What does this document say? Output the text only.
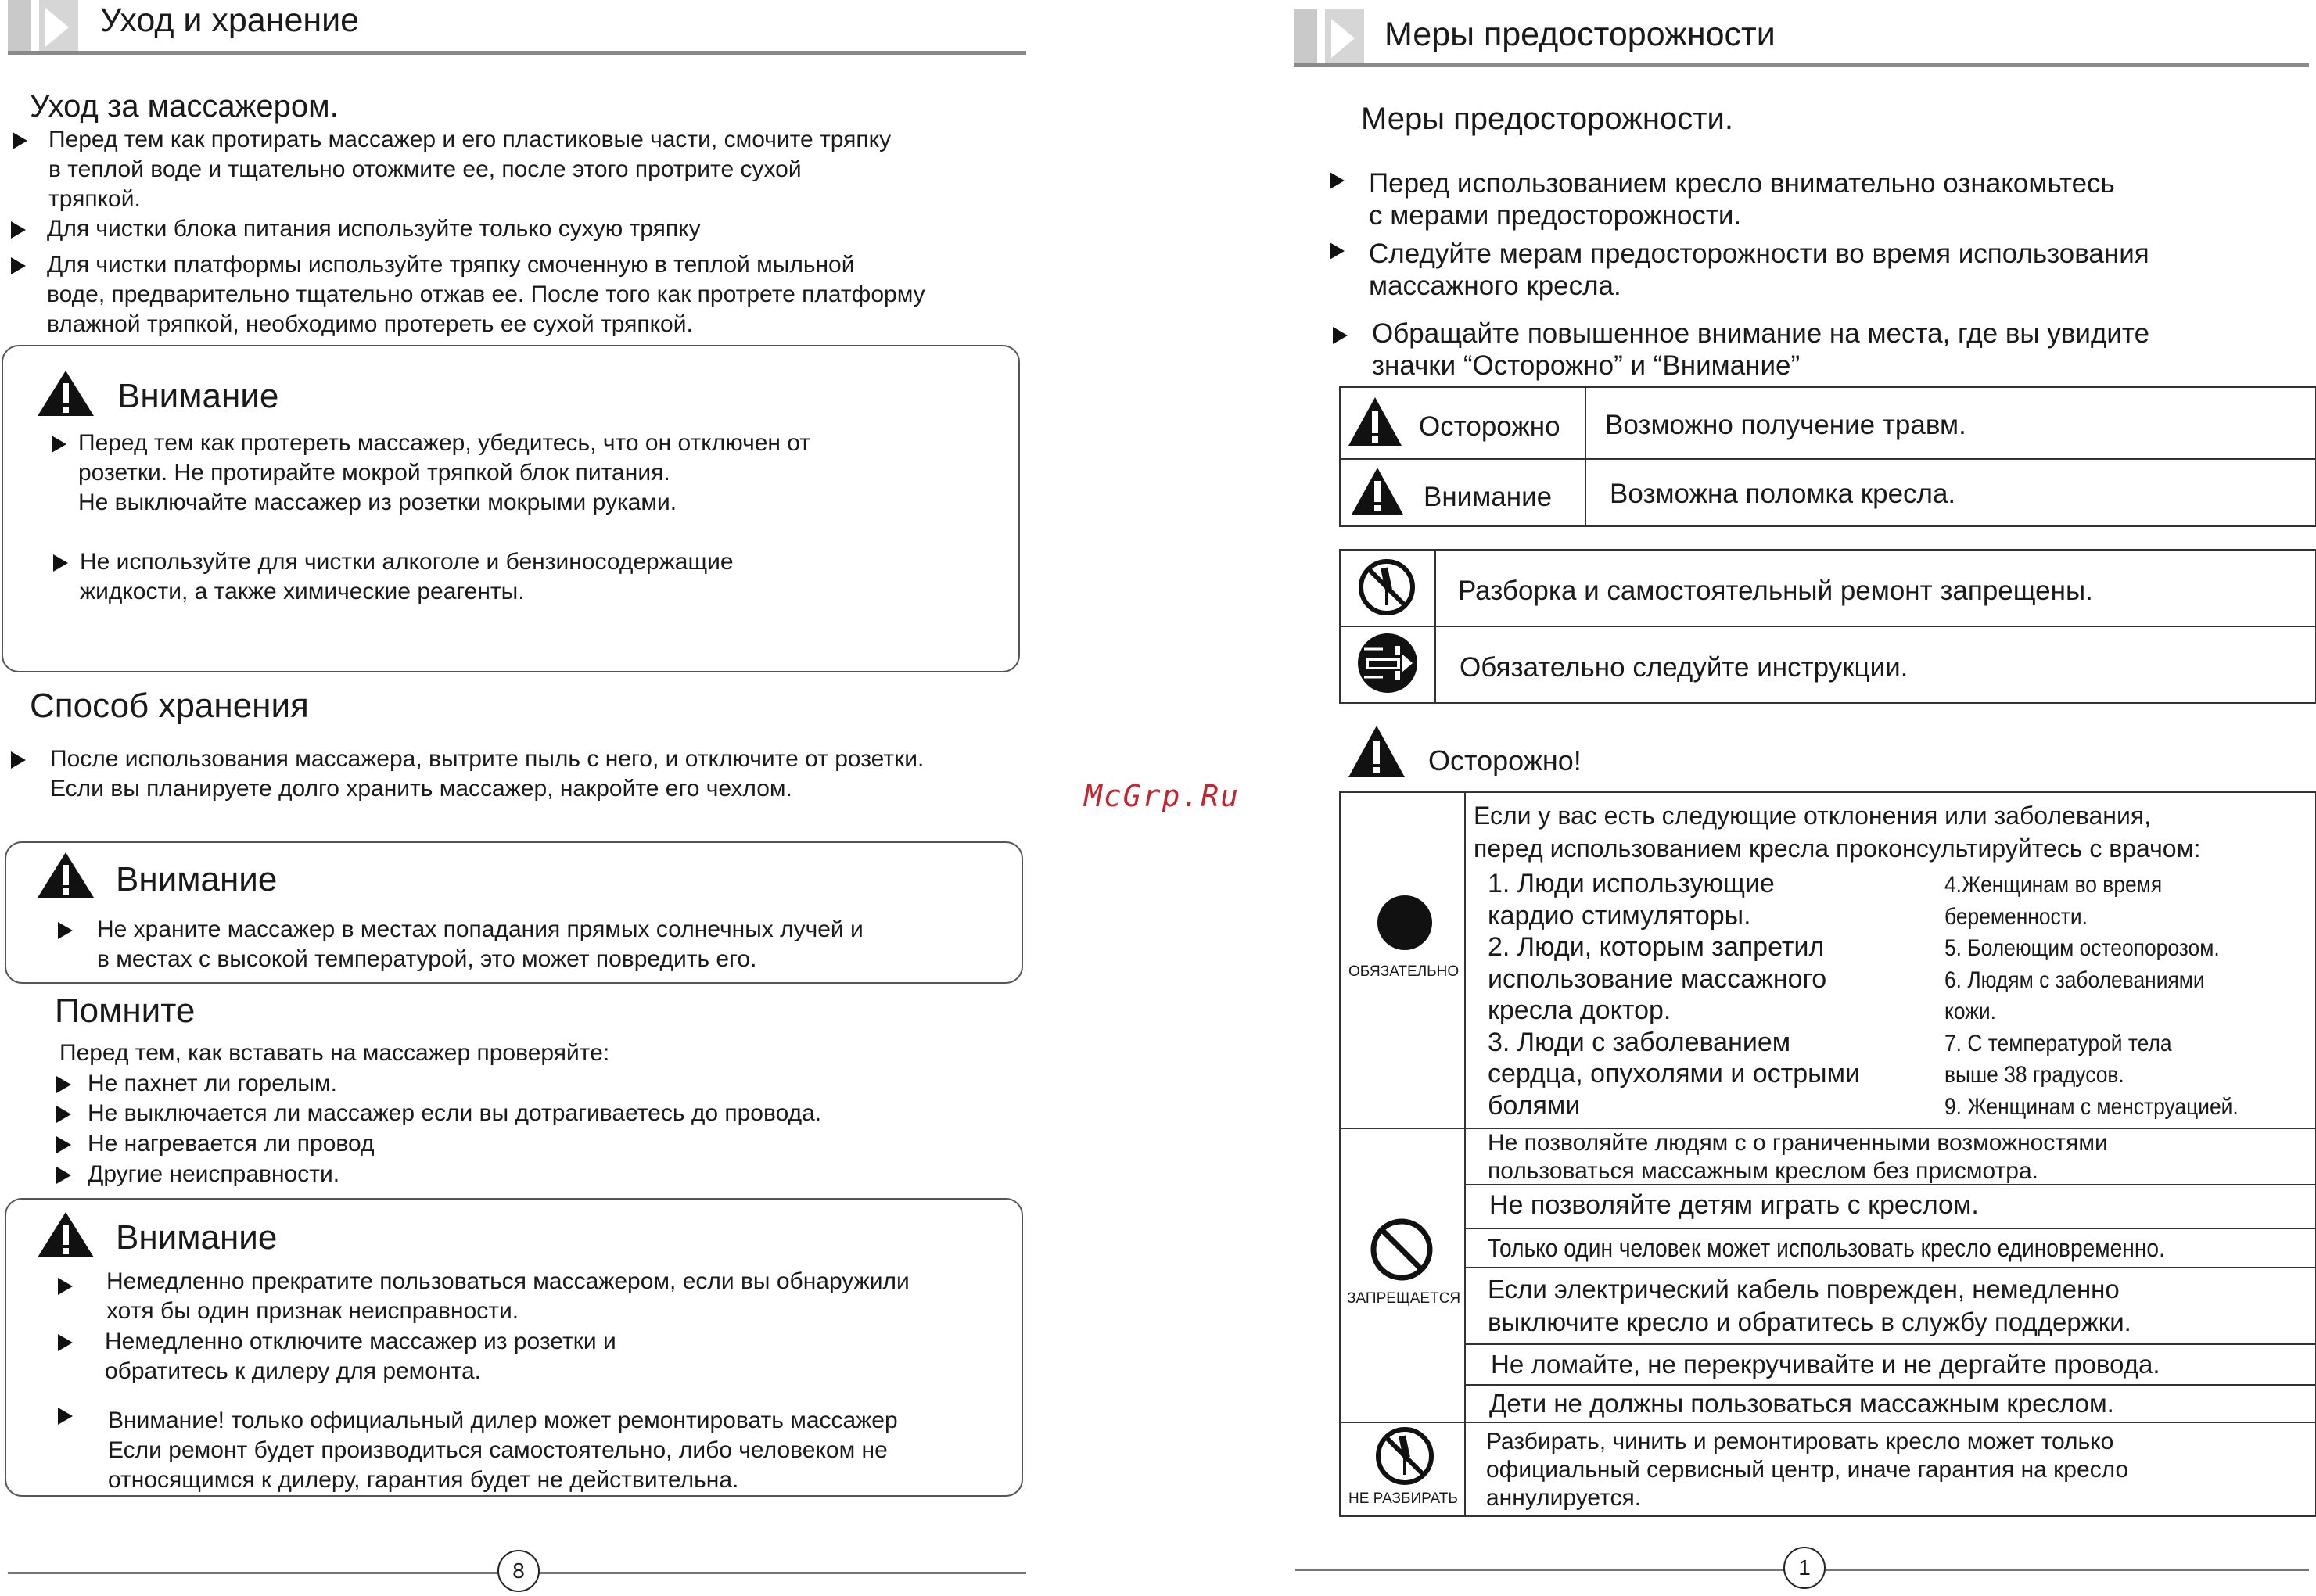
Уход и хранение
Уход за массажером.
Перед тем как протирать массажер и его пластиковые части, смочите тряпку
в теплой воде и тщательно отожмите ее, после этого протрите сухой
тряпкой.
Для чистки блока питания используйте только сухую тряпку
Для чистки платформы используйте тряпку смоченную в теплой мыльной
воде, предварительно тщательно отжав ее. После того как протрете платформу
влажной тряпкой, необходимо протереть ее сухой тряпкой.
Внимание
Перед тем как протереть массажер, убедитесь, что он отключен от
розетки. Не протирайте мокрой тряпкой блок питания.
Не выключайте массажер из розетки мокрыми руками.
Не используйте для чистки алкоголе и бензиносодержащие
жидкости, а также химические реагенты.
Способ хранения
После использования массажера, вытрите пыль с него, и отключите от розетки.
Если вы планируете долго хранить массажер, накройте его чехлом.	McGrp.Ru
Внимание
Не храните массажер в местах попадания прямых солнечных лучей и
в местах с высокой температурой, это может повредить его.
Помните
Перед тем, как вставать на массажер проверяйте:
Не пахнет ли горелым.
Не выключается ли массажер если вы дотрагиваетесь до провода.
Не нагревается ли провод
Другие неисправности.
Внимание
Немедленно прекратите пользоваться массажером, если вы обнаружили
хотя бы один признак неисправности.
Немедленно отключите массажер из розетки и
обратитесь к дилеру для ремонта.
Внимание! только официальный дилер может ремонтировать массажер
Если ремонт будет производиться самостоятельно, либо человеком не
относящимся к дилеру, гарантия будет не действительна.
8
Меры предосторожности
Меры предосторожности.
Перед использованием кресло внимательно ознакомьтесь
с мерами предосторожности.
Следуйте мерам предосторожности во время использования
массажного кресла.
Обращайте повышенное внимание на места, где вы увидите
значки “Осторожно” и “Внимание”
Осторожно Возможно получение травм.
Внимание Возможна поломка кресла.
Разборка и самостоятельный ремонт запрещены.
Обязательно следуйте инструкции.
Осторожно!
ОБЯЗАТЕЛЬНО
Если у вас есть следующие отклонения или заболевания,
перед использованием кресла проконсультируйтесь с врачом:
1. Люди использующие
кардио стимуляторы.
2. Люди, которым запретил
использование массажного
кресла доктор.
3. Люди с заболеванием
сердца, опухолями и острыми
болями
4.Женщинам во время
беременности.
5. Болеющим остеопорозом.
6. Людям с заболеваниями
кожи.
7. С температурой тела
выше 38 градусов.
9. Женщинам с менструацией.
ЗАПРЕЩАЕТСЯ
Не позволяйте людям с о граниченными возможностями
пользоваться массажным креслом без присмотра.
Не позволяйте детям играть с креслом.
Только один человек может использовать кресло единовременно.
Если электрический кабель поврежден, немедленно
выключите кресло и обратитесь в службу поддержки.
Не ломайте, не перекручивайте и не дергайте провода.
Дети не должны пользоваться массажным креслом.
НЕ РАЗБИРАТЬ
Разбирать, чинить и ремонтировать кресло может только
официальный сервисный центр, иначе гарантия на кресло
аннулируется.
1
